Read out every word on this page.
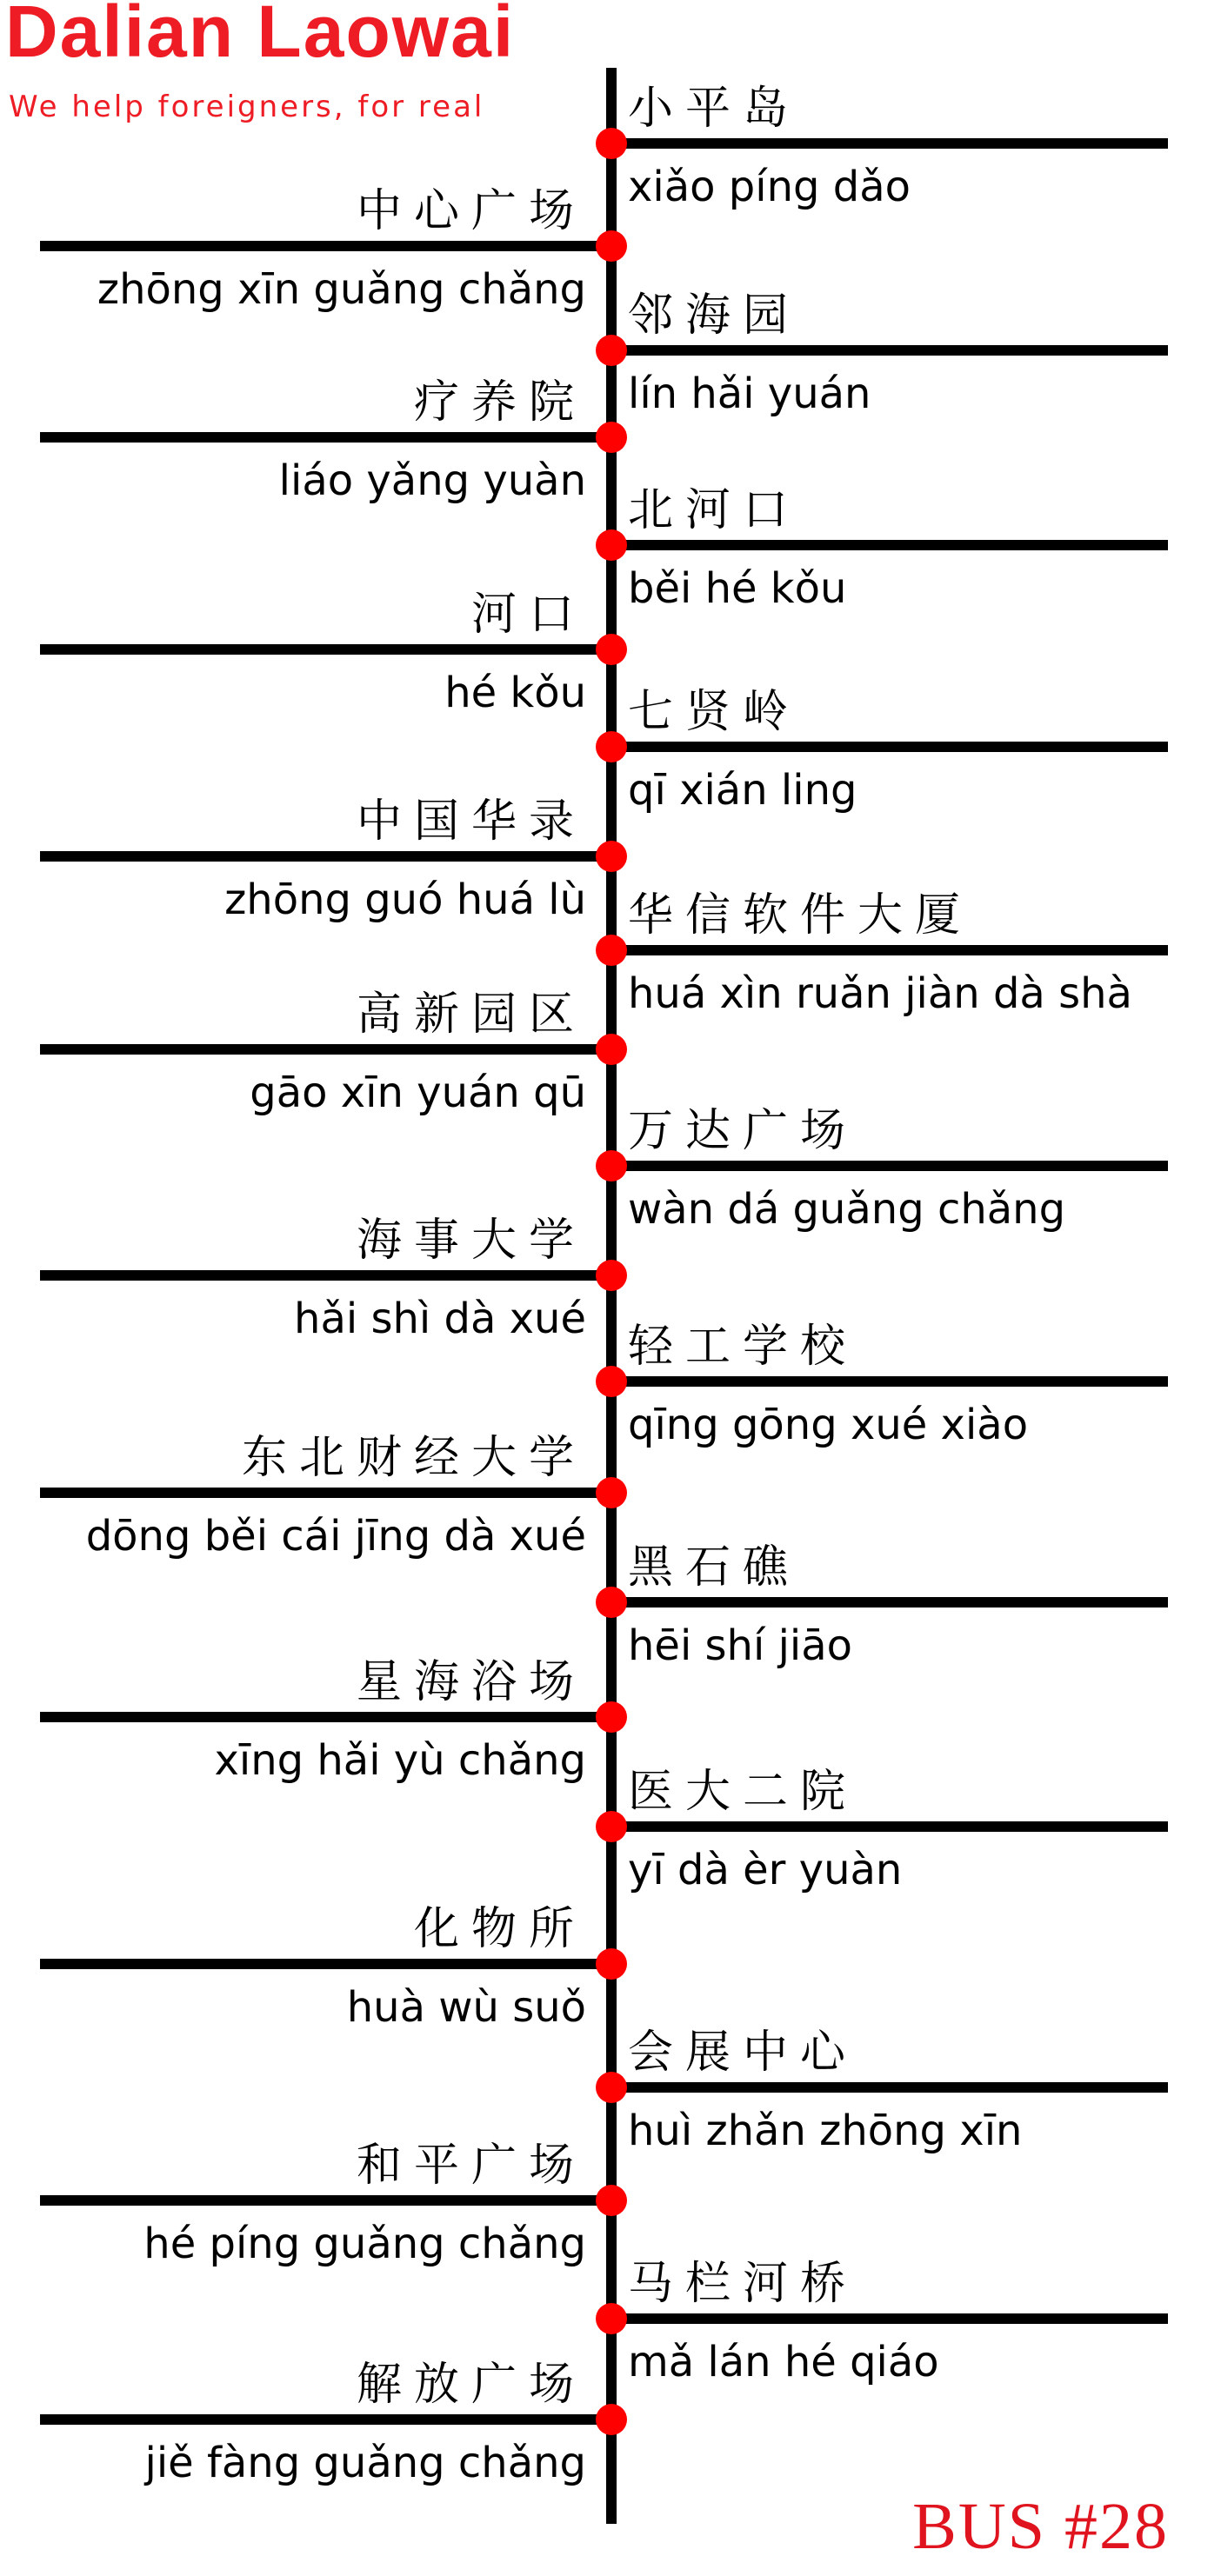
Dalian Laowai
We help foreigners, for real	小平岛
xiǎo píng dǎo
中心广场
zhōng xīn guǎng chǎng 邻海园
lín hǎi yuán
疗养院
liáo yǎng yuàn
北河口
běi hé kǒu
河口
hé kǒu 七贤岭
qī xián ling
中国华录
zhōng guó huá lù 华信软件大厦
huá xìn ruǎn jiàn dà shà
高新园区
gāo xīn yuán qū
万达广场
wàn dá guǎng chǎng
海事大学
hǎi shì dà xué
轻工学校
qīng gōng xué xiào
东北财经大学
dōng běi cái jīng dà xué
黑石礁
hēi shí jiāo
星海浴场
xīng hǎi yù chǎng
医大二院
yī dà èr yuàn
化物所
huà wù suǒ
会展中心
huì zhǎn zhōng xīn
和平广场
hé píng guǎng chǎng
马栏河桥
mǎ lán hé qiáo
解放广场
jiě fàng guǎng chǎng
BUS #28
